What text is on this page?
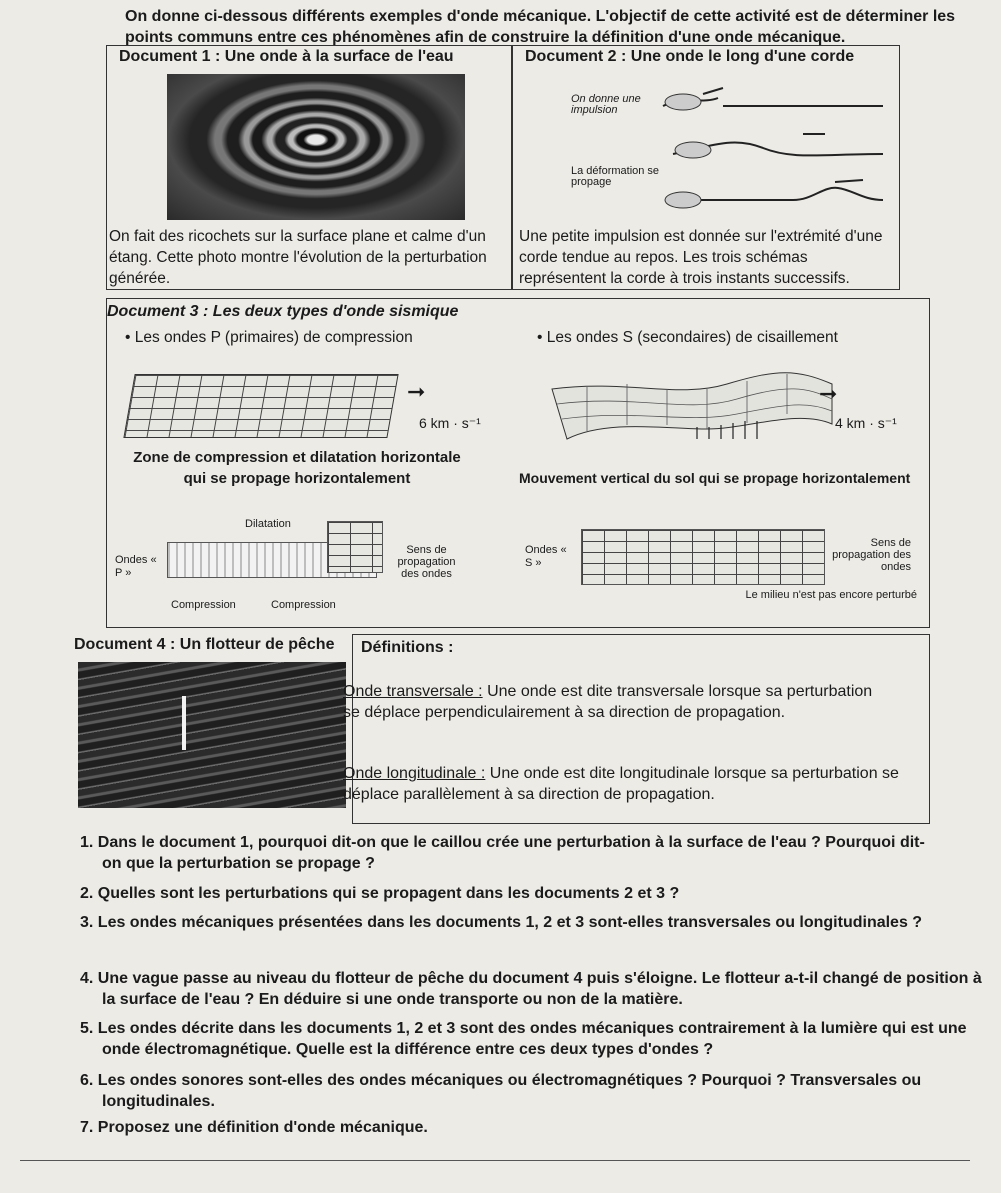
On donne ci-dessous différents exemples d'onde mécanique. L'objectif de cette activité est de déterminer les points communs entre ces phénomènes afin de construire la définition d'une onde mécanique.
Document 1 : Une onde à la surface de l'eau
On fait des ricochets sur la surface plane et calme d'un étang. Cette photo montre l'évolution de la perturbation générée.
Document 2 : Une onde le long d'une corde
On donne une impulsion
La déformation se propage
Une petite impulsion est donnée sur l'extrémité d'une corde tendue au repos. Les trois schémas représentent la corde à trois instants successifs.
Document 3 : Les deux types d'onde sismique
• Les ondes P (primaires) de compression	• Les ondes S (secondaires) de cisaillement
➞
6 km · s⁻¹
Zone de compression et dilatation horizontale qui se propage horizontalement
➞
4 km · s⁻¹
Mouvement vertical du sol qui se propage horizontalement
Dilatation
Ondes « P »
Sens de propagation des ondes
Compression	Compression
Ondes « S »
Sens de propagation des ondes
Le milieu n'est pas encore perturbé
Document 4 : Un flotteur de pêche Définitions :
Onde transversale : Une onde est dite transversale lorsque sa perturbation se déplace perpendiculairement à sa direction de propagation.
Onde longitudinale : Une onde est dite longitudinale lorsque sa perturbation se déplace parallèlement à sa direction de propagation.
1. Dans le document 1, pourquoi dit-on que le caillou crée une perturbation à la surface de l'eau ? Pourquoi dit-on que la perturbation se propage ?
2. Quelles sont les perturbations qui se propagent dans les documents 2 et 3 ?
3. Les ondes mécaniques présentées dans les documents 1, 2 et 3 sont-elles transversales ou longitudinales ?
4. Une vague passe au niveau du flotteur de pêche du document 4 puis s'éloigne. Le flotteur a-t-il changé de position à la surface de l'eau ? En déduire si une onde transporte ou non de la matière.
5. Les ondes décrite dans les documents 1, 2 et 3 sont des ondes mécaniques contrairement à la lumière qui est une onde électromagnétique. Quelle est la différence entre ces deux types d'ondes ?
6. Les ondes sonores sont-elles des ondes mécaniques ou électromagnétiques ? Pourquoi ? Transversales ou longitudinales.
7. Proposez une définition d'onde mécanique.
